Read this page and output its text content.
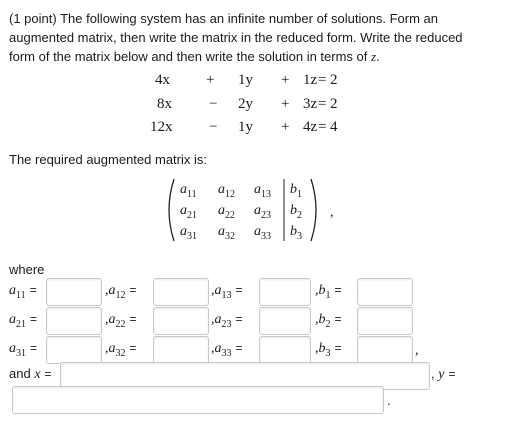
(1 point) The following system has an infinite number of solutions. Form an
augmented matrix, then write the matrix in the reduced form. Write the reduced
form of the matrix below and then write the solution in terms of z.
4x + 1y + 1z = 2
8x − 2y + 3z = 2
12x − 1y + 4z = 4
The required augmented matrix is:
$a_{11}$ $a_{12}$ $a_{13}$ $b_1$
$a_{21}$ $a_{22}$ $a_{23}$ $b_2$
$a_{31}$ $a_{32}$ $a_{33}$ $b_3$
,
where
$a_{11}$ =	$,a_{12}$ =	$,a_{13}$ =	$,b_1$ =
$a_{21}$ =	$,a_{22}$ =	$,a_{23}$ =	$,b_2$ =
$a_{31}$ =	$,a_{32}$ =	$,a_{33}$ =	$,b_3$ =	,
and x =	, y =
.
